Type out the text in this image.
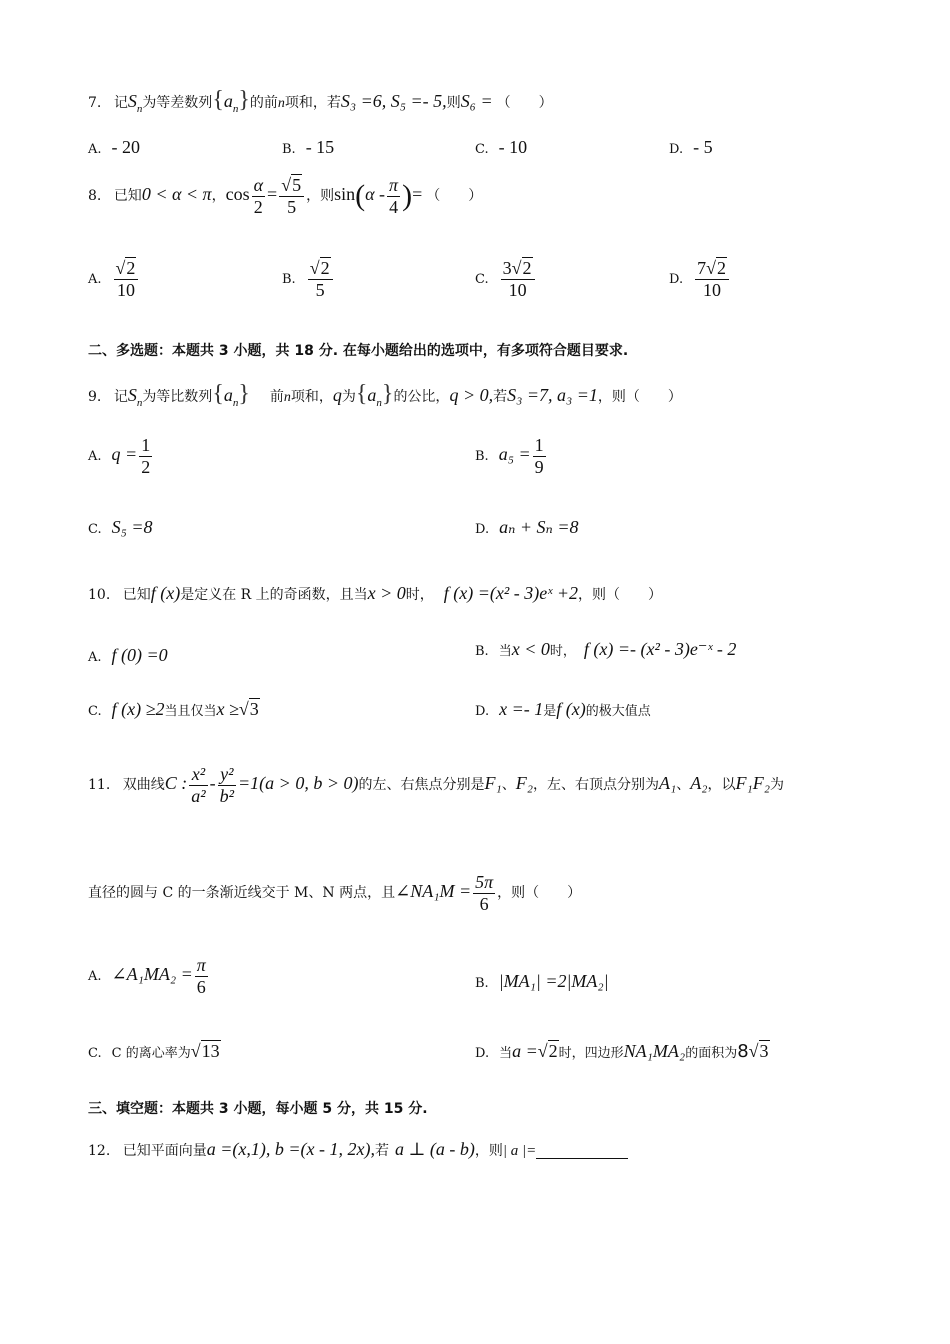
7. 记$S_n$为等差数列$\{a_n\}$的前n项和，若S₃ =6, S₅ =- 5,则S₆ = （　　）
A. - 20	B. - 15	C. - 10	D. - 5
8. 已知0 < α < π，$\cos \frac{\alpha}{2} = \frac{√5}{5}$ ，则$\sin(\alpha - \frac{\pi}{4}$ )= （　　）
A. $\frac{√2}{10}$	B. $\frac{√2}{5}$	C. $\frac{3√2}{10}$	D. $\frac{7√2}{10}$
二、多选题：本题共 3 小题，共 18 分. 在每小题给出的选项中，有多项符合题目要求.
9. 记$S_n$为等比数列$\{a_n\}$ 前n项和，q为$\{a_n\}$的公比，q > 0,若S₃ =7, a₃ =1，则（　　）
A. $q = \frac{1}{2}$	B. $a_5 = \frac{1}{9}$
C. S₅ =8	D. aₙ + Sₙ =8
10. 已知f (x)是定义在 R 上的奇函数，且当x > 0时， f (x) =(x² - 3)eˣ +2，则（　　）
A. f (0) =0	B. 当x < 0时， f (x) =- (x² - 3)e⁻ˣ - 2
C. f (x) ≥2当且仅当x ≥√3	D. x =- 1是f (x)的极大值点
11. 双曲线C : $\frac{\text{x²}}{\text{a²}} - \frac{\text{y²}}{\text{b²}} =1(a > 0$, b > 0)的左、右焦点分别是F₁、F₂，左、右顶点分别为A₁、A₂，以F₁F₂为
直径的圆与 C 的一条渐近线交于 M、N 两点，且∠NA₁M = $\frac{5\pi}{6}$ ，则（　　）
A. ∠A₁MA₂ = $\frac{\pi}{6}$	B. |MA₁| =2|MA₂|
C. C 的离心率为√13	D. 当a =√2时，四边形NA₁MA₂的面积为8√3
三、填空题：本题共 3 小题，每小题 5 分，共 15 分.
12. 已知平面向量a =(x,1), b =(x - 1, 2x),若 a ⊥ (a - b)，则| a |=
